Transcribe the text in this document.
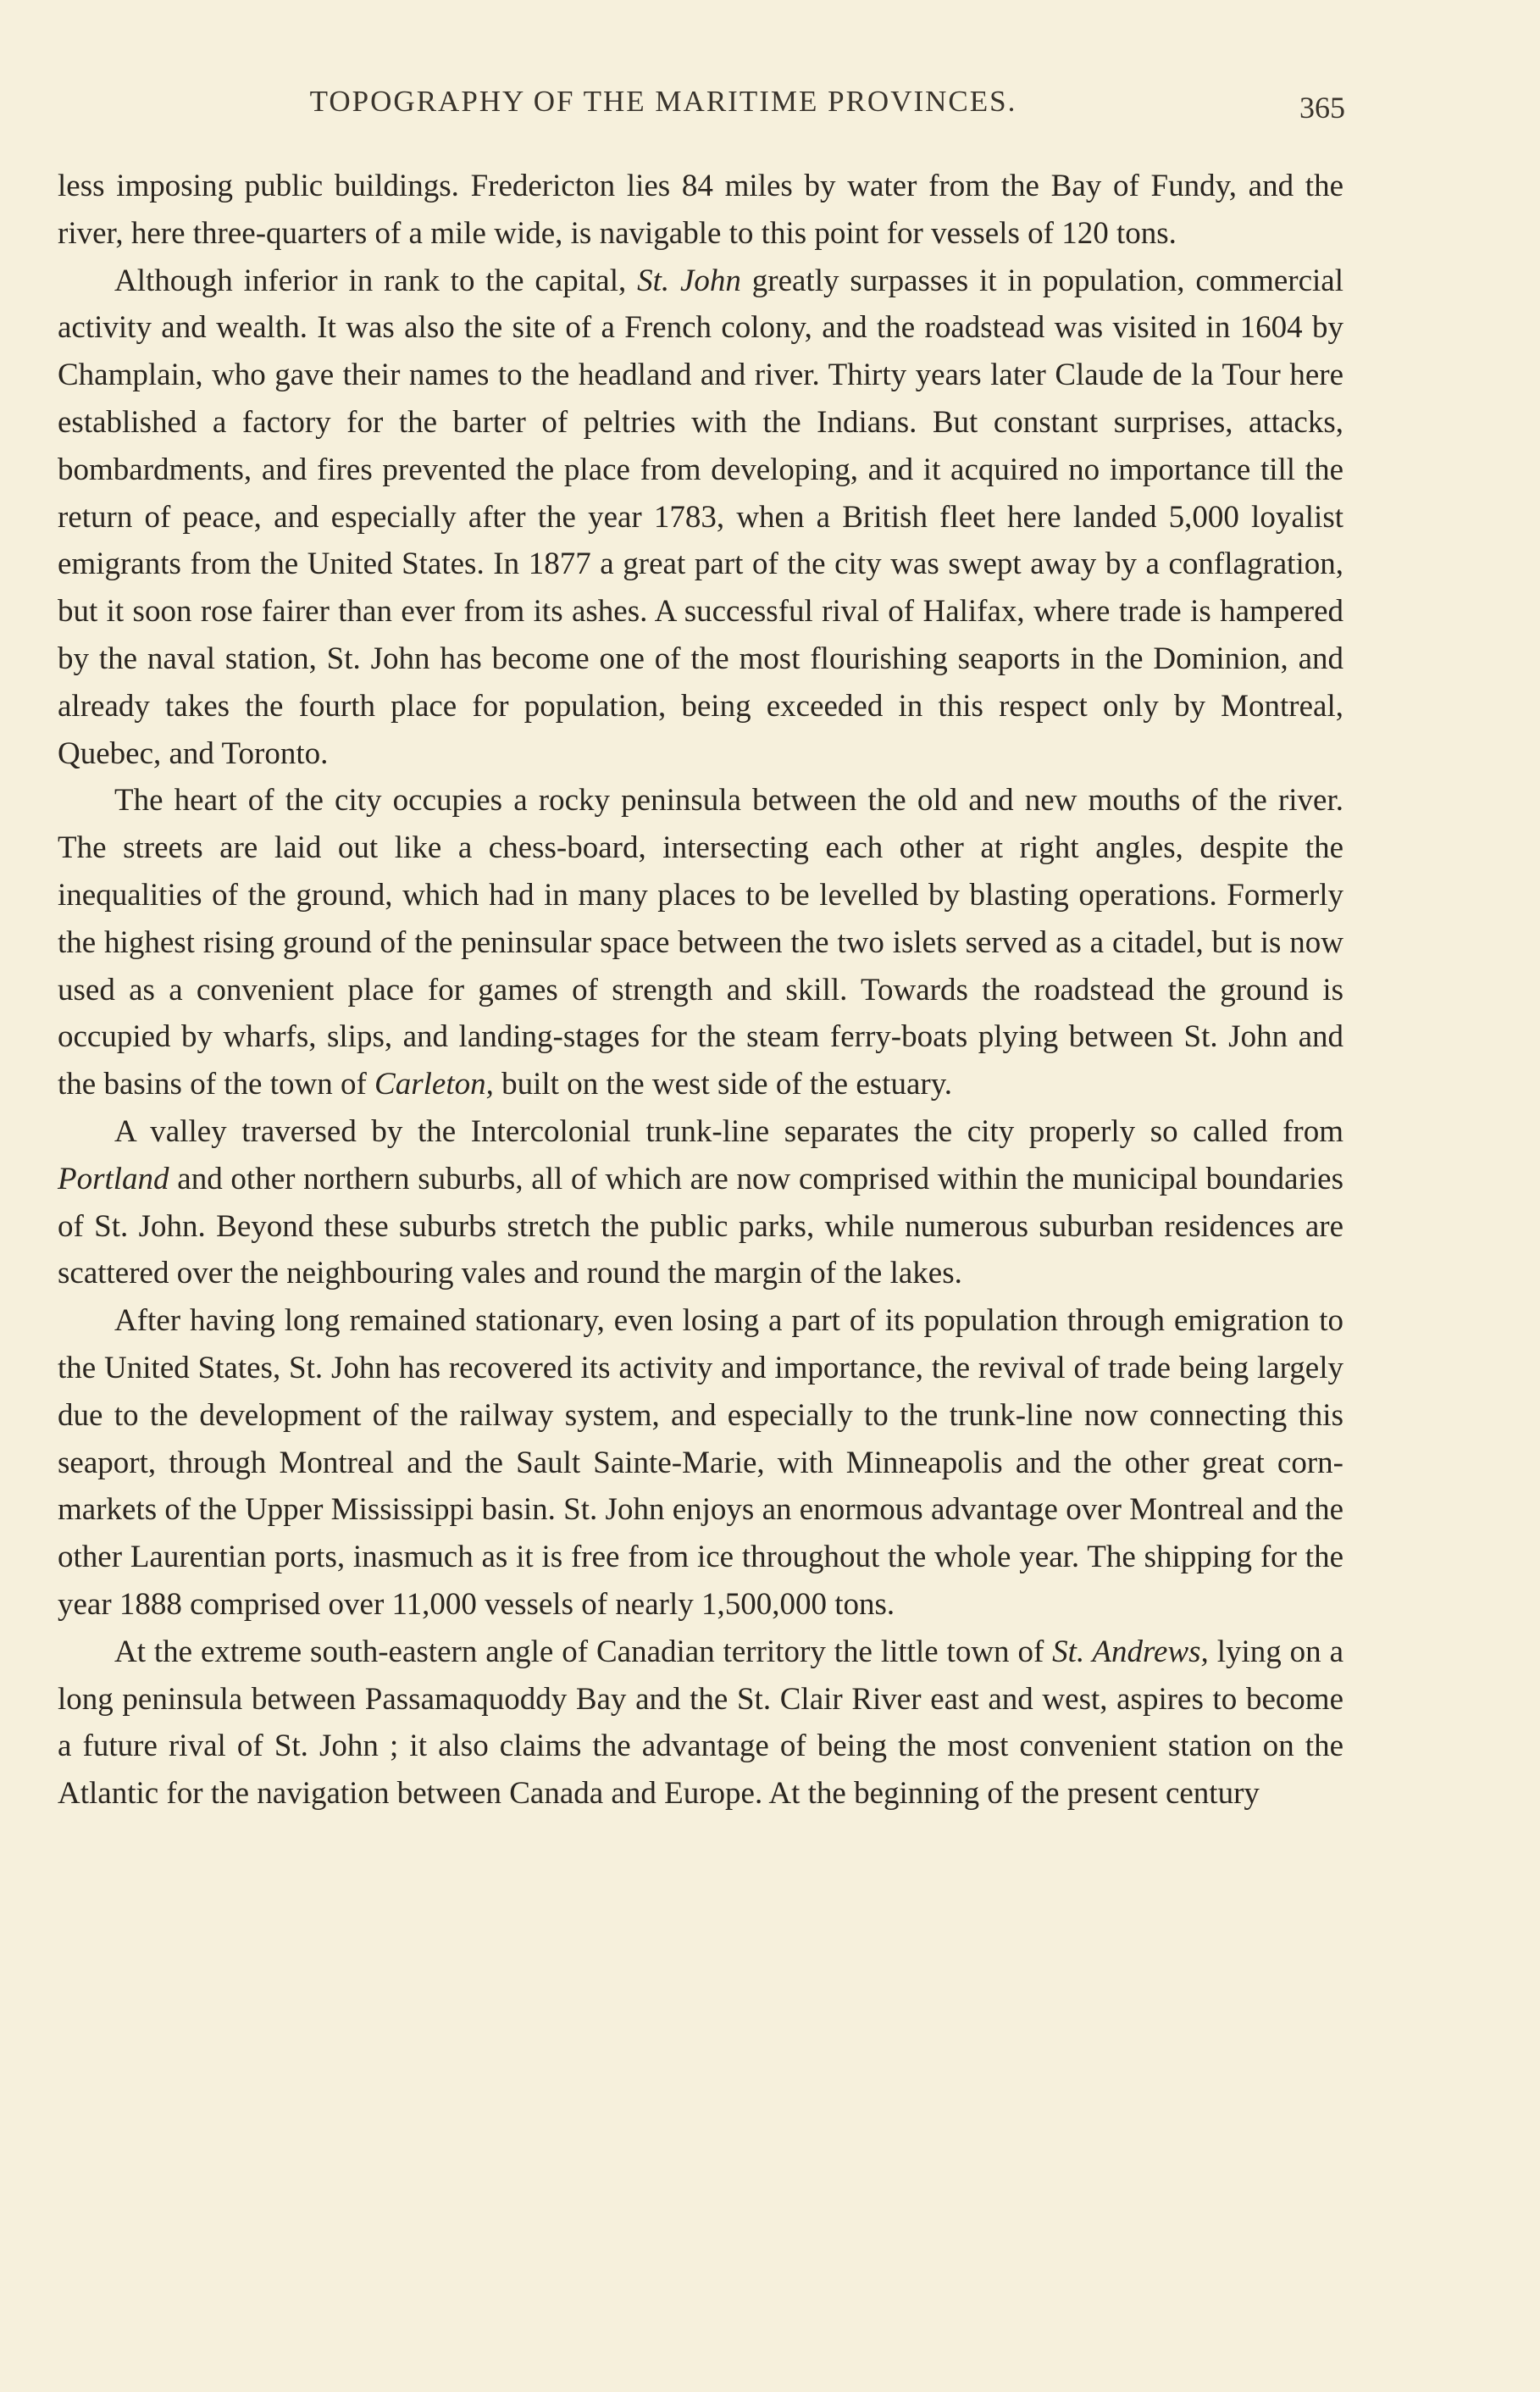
TOPOGRAPHY OF THE MARITIME PROVINCES.	365

less imposing public buildings. Fredericton lies 84 miles by water from the Bay of Fundy, and the river, here three-quarters of a mile wide, is navigable to this point for vessels of 120 tons.

Although inferior in rank to the capital, St. John greatly surpasses it in population, commercial activity and wealth. It was also the site of a French colony, and the roadstead was visited in 1604 by Champlain, who gave their names to the headland and river. Thirty years later Claude de la Tour here established a factory for the barter of peltries with the Indians. But constant surprises, attacks, bombardments, and fires prevented the place from developing, and it acquired no importance till the return of peace, and especially after the year 1783, when a British fleet here landed 5,000 loyalist emigrants from the United States. In 1877 a great part of the city was swept away by a conflagration, but it soon rose fairer than ever from its ashes. A successful rival of Halifax, where trade is hampered by the naval station, St. John has become one of the most flourishing seaports in the Dominion, and already takes the fourth place for population, being exceeded in this respect only by Montreal, Quebec, and Toronto.

The heart of the city occupies a rocky peninsula between the old and new mouths of the river. The streets are laid out like a chess-board, intersecting each other at right angles, despite the inequalities of the ground, which had in many places to be levelled by blasting operations. Formerly the highest rising ground of the peninsular space between the two islets served as a citadel, but is now used as a convenient place for games of strength and skill. Towards the roadstead the ground is occupied by wharfs, slips, and landing-stages for the steam ferry-boats plying between St. John and the basins of the town of Carleton, built on the west side of the estuary.

A valley traversed by the Intercolonial trunk-line separates the city properly so called from Portland and other northern suburbs, all of which are now comprised within the municipal boundaries of St. John. Beyond these suburbs stretch the public parks, while numerous suburban residences are scattered over the neighbouring vales and round the margin of the lakes.

After having long remained stationary, even losing a part of its population through emigration to the United States, St. John has recovered its activity and importance, the revival of trade being largely due to the development of the railway system, and especially to the trunk-line now connecting this seaport, through Montreal and the Sault Sainte-Marie, with Minneapolis and the other great corn-markets of the Upper Mississippi basin. St. John enjoys an enormous advantage over Montreal and the other Laurentian ports, inasmuch as it is free from ice throughout the whole year. The shipping for the year 1888 comprised over 11,000 vessels of nearly 1,500,000 tons.

At the extreme south-eastern angle of Canadian territory the little town of St. Andrews, lying on a long peninsula between Passamaquoddy Bay and the St. Clair River east and west, aspires to become a future rival of St. John ; it also claims the advantage of being the most convenient station on the Atlantic for the navigation between Canada and Europe. At the beginning of the present century
